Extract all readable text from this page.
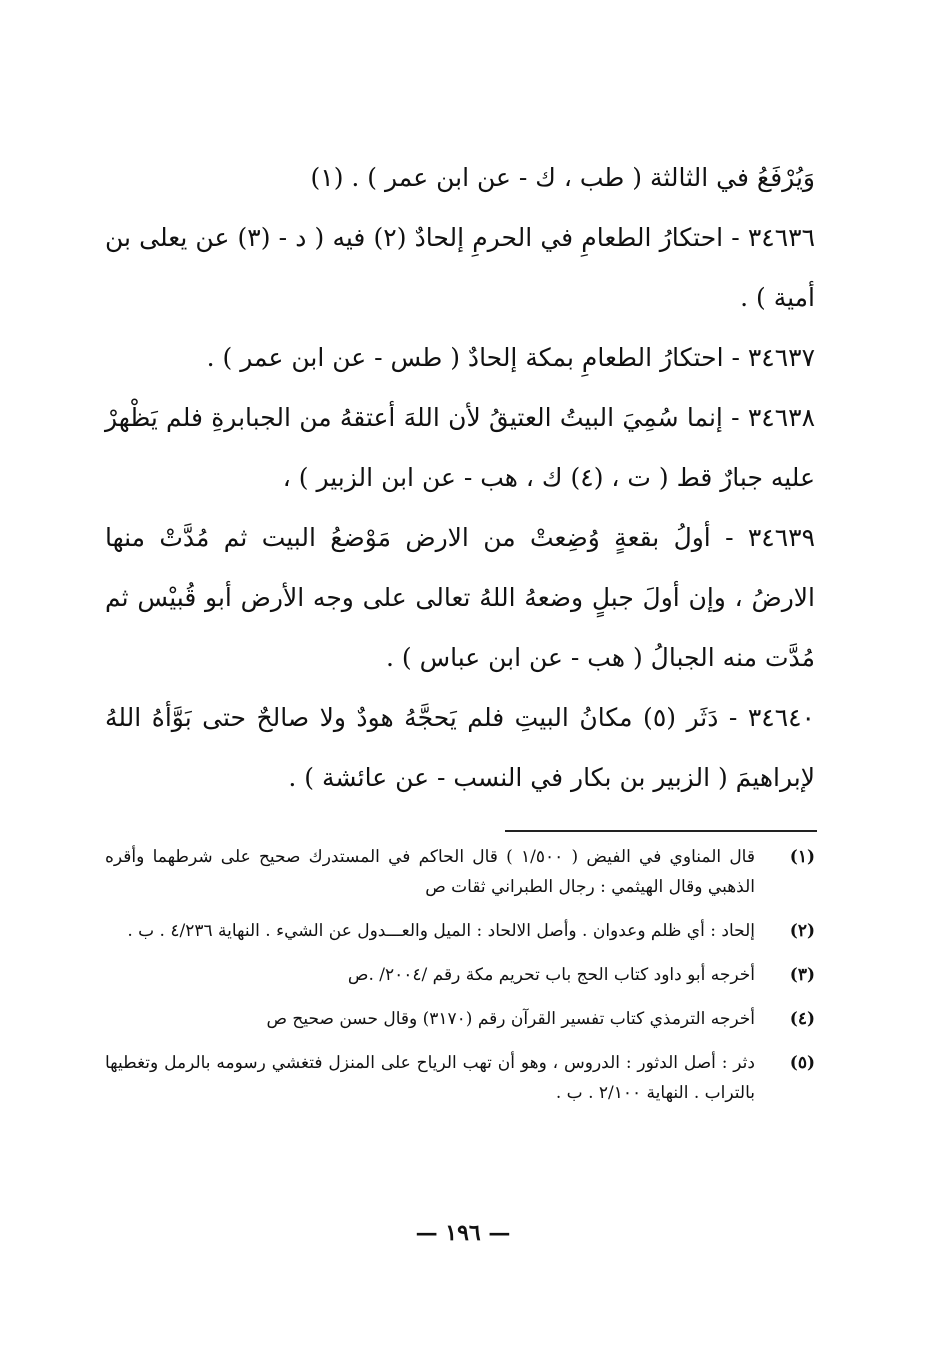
وَيُرْفَعُ في الثالثة ( طب ، ك - عن ابن عمر ) . (١)

٣٤٦٣٦ - احتكارُ الطعامِ في الحرمِ إلحادٌ (٢) فيه ( د - (٣) عن يعلى بن أمية ) .

٣٤٦٣٧ - احتكارُ الطعامِ بمكة إلحادٌ ( طس - عن ابن عمر ) .

٣٤٦٣٨ - إنما سُمِيَ البيتُ العتيقُ لأن اللهَ أعتقهُ من الجبابرةِ فلم يَظْهرْ عليه جبارٌ قط ( ت ، (٤) ك ، هب - عن ابن الزبير ) ،

٣٤٦٣٩ - أولُ بقعةٍ وُضِعتْ من الارض مَوْضعُ البيت ثم مُدَّتْ منها الارضُ ، وإن أولَ جبلٍ وضعهُ اللهُ تعالى على وجه الأرض أبو قُبيْس ثم مُدَّت منه الجبالُ ( هب - عن ابن عباس ) .

٣٤٦٤٠ - دَثَر (٥) مكانُ البيتِ فلم يَحجَّهُ هودٌ ولا صالحٌ حتى بَوَّأهُ اللهُ لإبراهيمَ ( الزبير بن بكار في النسب - عن عائشة ) .

(١)
قال المناوي في الفيض ( ١/٥٠٠ ) قال الحاكم في المستدرك صحيح على شرطهما وأقره الذهبي وقال الهيثمي : رجال الطبراني ثقات ص
(٢)
إلحاد : أي ظلم وعدوان . وأصل الالحاد : الميل والعـــدول عن الشيء . النهاية ٤/٢٣٦ . ب .
(٣)
أخرجه أبو داود كتاب الحج باب تحريم مكة رقم /٢٠٠٤/ .ص
(٤)
أخرجه الترمذي كتاب تفسير القرآن رقم (٣١٧٠) وقال حسن صحيح ص
(٥)
دثر : أصل الدثور : الدروس ، وهو أن تهب الرياح على المنزل فتغشي رسومه بالرمل وتغطيها بالتراب . النهاية ٢/١٠٠ . ب .
— ١٩٦ —
